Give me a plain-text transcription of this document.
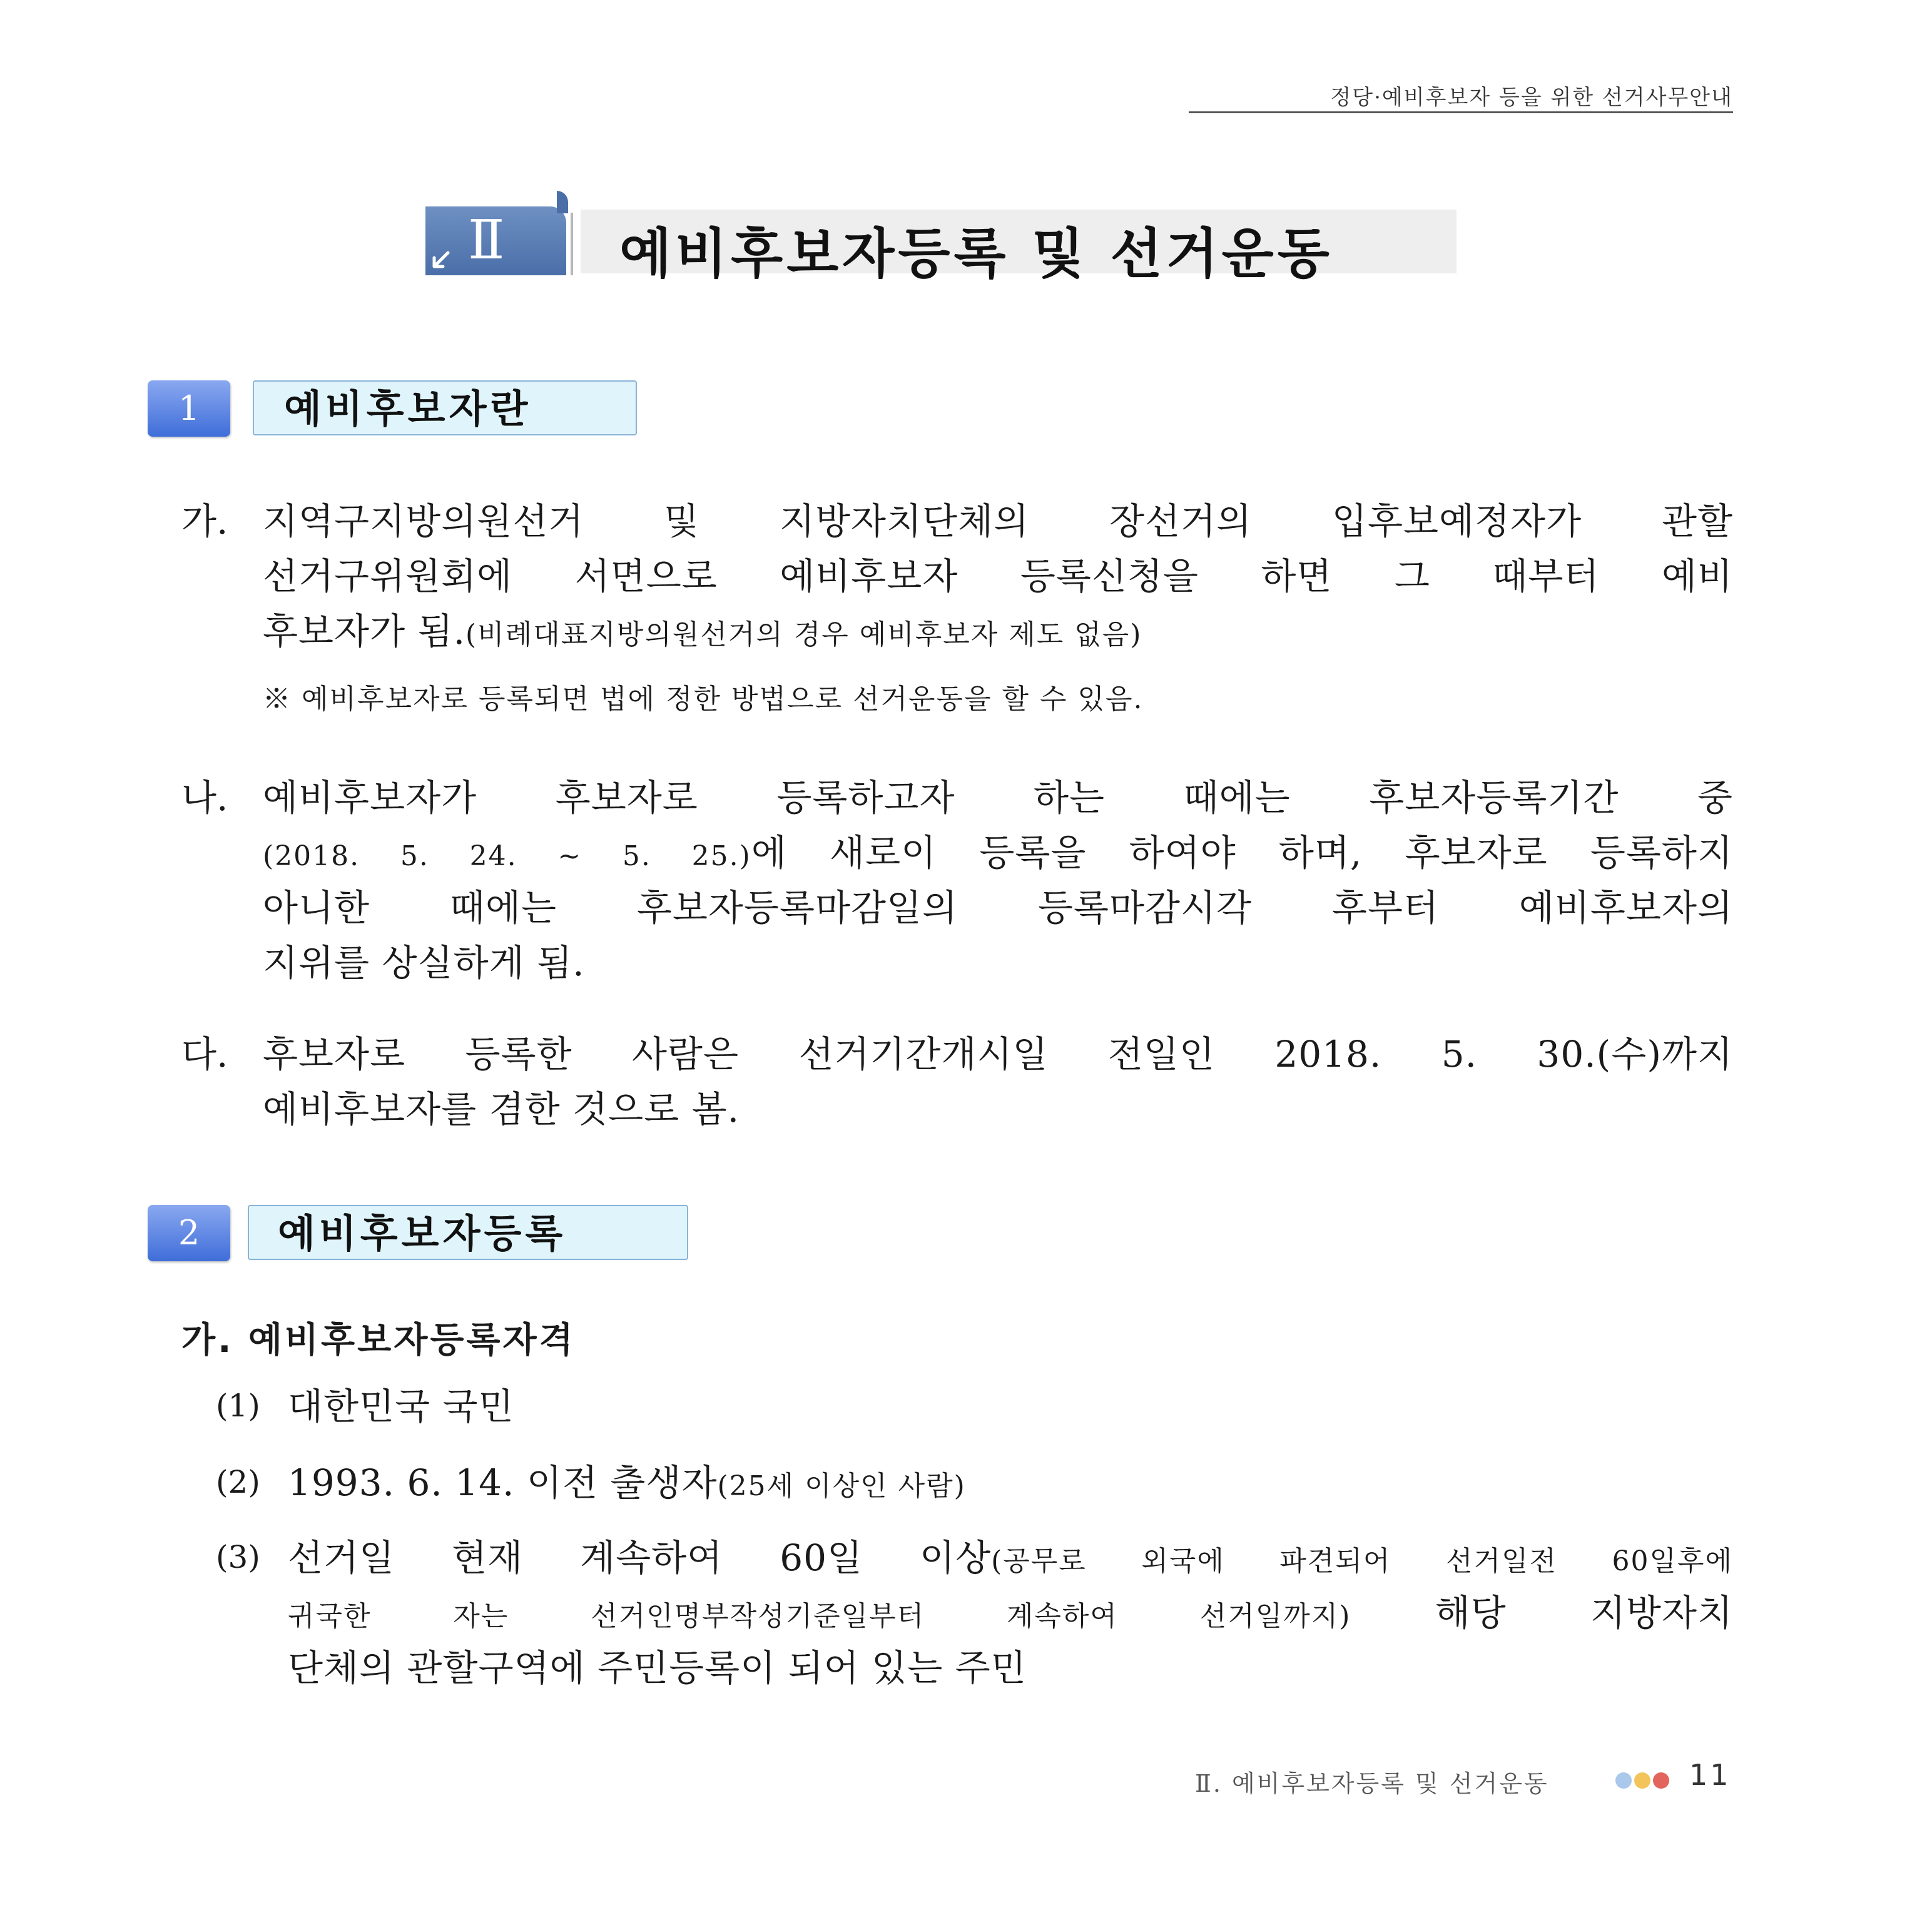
정당·예비후보자 등을 위한 선거사무안내
Ⅱ 예비후보자등록 및 선거운동
1	예비후보자란
가. 지역구지방의원선거 및 지방자치단체의 장선거의 입후보예정자가 관할
선거구위원회에 서면으로 예비후보자 등록신청을 하면 그 때부터 예비
후보자가 됨.(비례대표지방의원선거의 경우 예비후보자 제도 없음)
※ 예비후보자로 등록되면 법에 정한 방법으로 선거운동을 할 수 있음.
나. 예비후보자가 후보자로 등록하고자 하는 때에는 후보자등록기간 중
(2018. 5. 24. ~ 5. 25.)에 새로이 등록을 하여야 하며, 후보자로 등록하지
아니한 때에는 후보자등록마감일의 등록마감시각 후부터 예비후보자의
지위를 상실하게 됨.
다. 후보자로 등록한 사람은 선거기간개시일 전일인 2018. 5. 30.(수)까지
예비후보자를 겸한 것으로 봄.
2	예비후보자등록
가. 예비후보자등록자격
(1) 대한민국 국민
(2) 1993. 6. 14. 이전 출생자(25세 이상인 사람)
(3) 선거일 현재 계속하여 60일 이상(공무로 외국에 파견되어 선거일전 60일후에
귀국한 자는 선거인명부작성기준일부터 계속하여 선거일까지) 해당 지방자치
단체의 관할구역에 주민등록이 되어 있는 주민
Ⅱ. 예비후보자등록 및 선거운동	11
